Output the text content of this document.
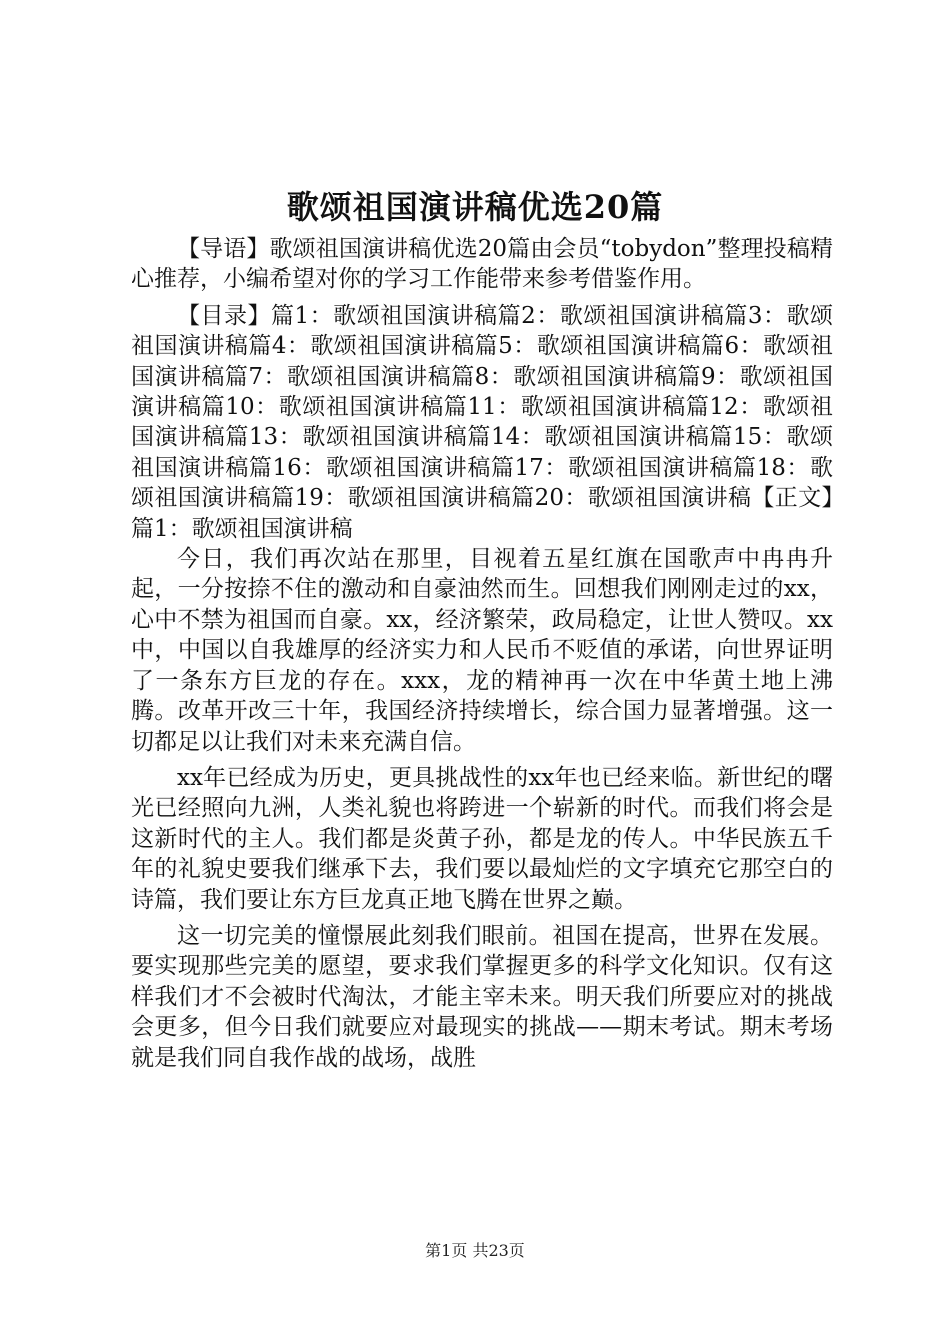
歌颂祖国演讲稿优选20篇

【导语】歌颂祖国演讲稿优选20篇由会员“tobydon”整理投稿精心推荐，小编希望对你的学习工作能带来参考借鉴作用。

【目录】篇1：歌颂祖国演讲稿篇2：歌颂祖国演讲稿篇3：歌颂祖国演讲稿篇4：歌颂祖国演讲稿篇5：歌颂祖国演讲稿篇6：歌颂祖国演讲稿篇7：歌颂祖国演讲稿篇8：歌颂祖国演讲稿篇9：歌颂祖国演讲稿篇10：歌颂祖国演讲稿篇11：歌颂祖国演讲稿篇12：歌颂祖国演讲稿篇13：歌颂祖国演讲稿篇14：歌颂祖国演讲稿篇15：歌颂祖国演讲稿篇16：歌颂祖国演讲稿篇17：歌颂祖国演讲稿篇18：歌颂祖国演讲稿篇19：歌颂祖国演讲稿篇20：歌颂祖国演讲稿【正文】篇1：歌颂祖国演讲稿

今日，我们再次站在那里，目视着五星红旗在国歌声中冉冉升起，一分按捺不住的激动和自豪油然而生。回想我们刚刚走过的xx，心中不禁为祖国而自豪。xx，经济繁荣，政局稳定，让世人赞叹。xx中，中国以自我雄厚的经济实力和人民币不贬值的承诺，向世界证明了一条东方巨龙的存在。xxx，龙的精神再一次在中华黄土地上沸腾。改革开改三十年，我国经济持续增长，综合国力显著增强。这一切都足以让我们对未来充满自信。

xx年已经成为历史，更具挑战性的xx年也已经来临。新世纪的曙光已经照向九洲，人类礼貌也将跨进一个崭新的时代。而我们将会是这新时代的主人。我们都是炎黄子孙，都是龙的传人。中华民族五千年的礼貌史要我们继承下去，我们要以最灿烂的文字填充它那空白的诗篇，我们要让东方巨龙真正地飞腾在世界之巅。

这一切完美的憧憬展此刻我们眼前。祖国在提高，世界在发展。要实现那些完美的愿望，要求我们掌握更多的科学文化知识。仅有这样我们才不会被时代淘汰，才能主宰未来。明天我们所要应对的挑战会更多，但今日我们就要应对最现实的挑战——期末考试。期末考场就是我们同自我作战的战场，战胜

第1页 共23页
